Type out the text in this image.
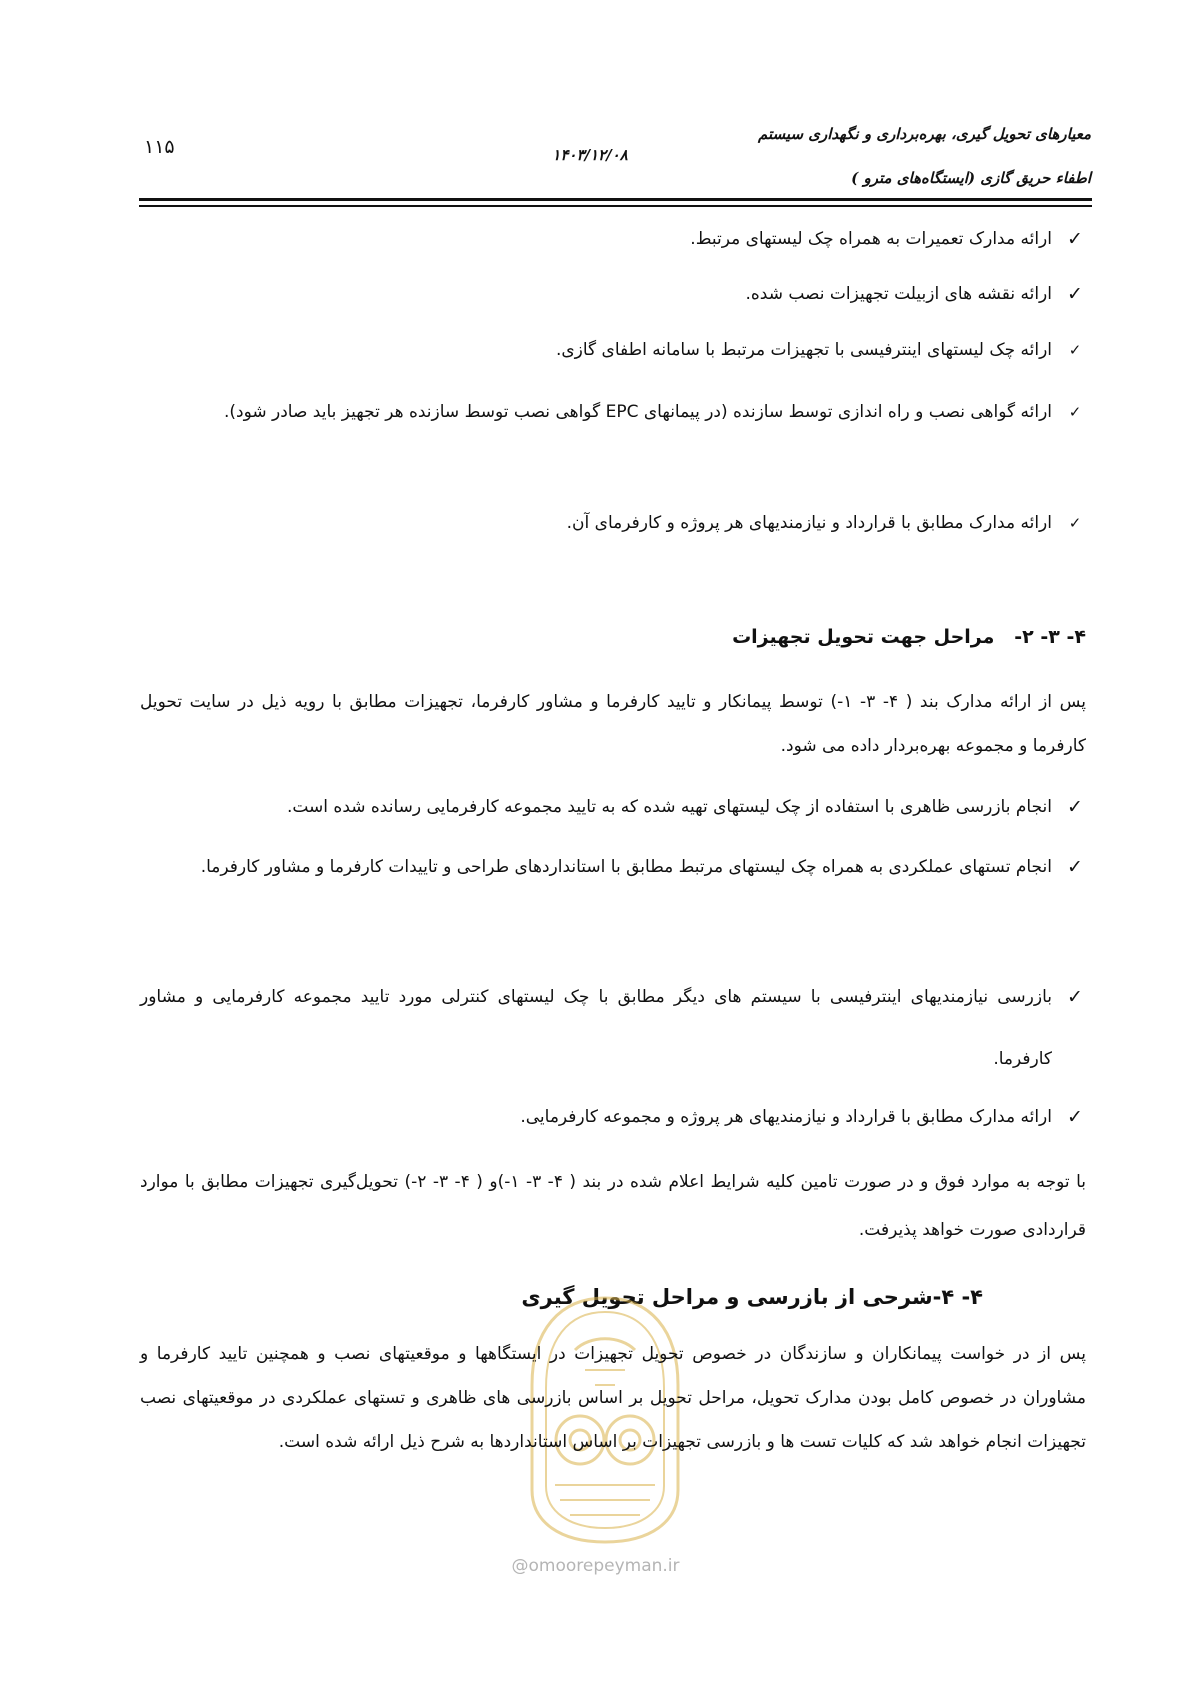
معیارهای تحویل گیری، بهره‌برداری و نگهداری سیستم
اطفاء حریق گازی (ایستگاه‌های مترو )
۱۴۰۳/۱۲/۰۸
۱۱۵
✓
ارائه مدارک تعمیرات به همراه چک لیستهای مرتبط.
✓
ارائه نقشه های ازبیلت تجهیزات نصب شده.
✓
ارائه چک لیستهای اینترفیسی با تجهیزات مرتبط با سامانه اطفای گازی.
✓
ارائه گواهی نصب و راه اندازی توسط سازنده (در پیمانهای EPC گواهی نصب توسط سازنده هر تجهیز باید صادر شود).
✓
ارائه مدارک مطابق با قرارداد و نیازمندیهای هر پروژه و کارفرمای آن.
۴- ۳- ۲-   مراحل جهت تحویل تجهیزات
پس از ارائه مدارک بند ( ۴- ۳- ۱-) توسط پیمانکار و تایید کارفرما و مشاور کارفرما، تجهیزات مطابق با رویه ذیل در سایت تحویل کارفرما و مجموعه بهره‌بردار داده می شود.
✓
انجام بازرسی ظاهری با استفاده از چک لیستهای تهیه شده که به تایید مجموعه کارفرمایی رسانده شده است.
✓
انجام تستهای عملکردی به همراه چک لیستهای مرتبط مطابق با استانداردهای طراحی و تاییدات کارفرما و مشاور کارفرما.
✓
بازرسی نیازمندیهای اینترفیسی با سیستم های دیگر مطابق با چک لیستهای کنترلی مورد تایید مجموعه کارفرمایی و مشاور کارفرما.
✓
ارائه مدارک مطابق با قرارداد و نیازمندیهای هر پروژه و مجموعه کارفرمایی.
با توجه به موارد فوق و در صورت تامین کلیه شرایط اعلام شده در بند ( ۴- ۳- ۱-)و ( ۴- ۳- ۲-) تحویل‌گیری تجهیزات مطابق با موارد قراردادی صورت خواهد پذیرفت.
۴- ۴-شرحی از بازرسی و مراحل تحویل گیری
پس از در خواست پیمانکاران و سازندگان در خصوص تحویل تجهیزات در ایستگاهها و موقعیتهای نصب و همچنین تایید کارفرما و مشاوران در خصوص کامل بودن مدارک تحویل، مراحل تحویل بر اساس بازرسی های ظاهری و تستهای عملکردی در موقعیتهای نصب تجهیزات انجام خواهد شد که کلیات تست ها و بازرسی تجهیزات بر اساس استانداردها به شرح ذیل ارائه شده است.
@omoorepeyman.ir
